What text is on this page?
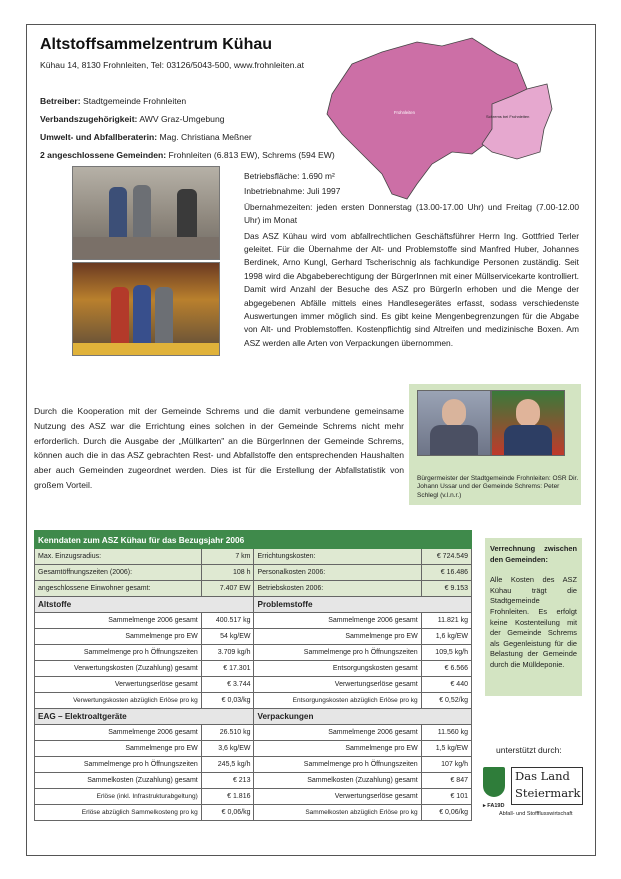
Altstoffsammelzentrum Kühau
Kühau 14, 8130 Frohnleiten, Tel: 03126/5043-500, www.frohnleiten.at
Betreiber: Stadtgemeinde Frohnleiten
Verbandszugehörigkeit: AWV Graz-Umgebung
Umwelt- und Abfallberaterin: Mag. Christiana Meßner
2 angeschlossene Gemeinden: Frohnleiten (6.813 EW), Schrems (594 EW)
Frohnleiten
Schrems bei Frohnleiten

Betriebsfläche: 1.690 m²

Inbetriebnahme: Juli 1997

Übernahmezeiten: jeden ersten Donnerstag (13.00-17.00 Uhr) und Freitag (7.00-12.00 Uhr) im Monat

Das ASZ Kühau wird vom abfallrechtlichen Geschäftsführer Herrn Ing. Gottfried Terler geleitet. Für die Übernahme der Alt- und Problemstoffe sind Manfred Huber, Johannes Berdinek, Arno Kungl, Gerhard Tscherischnig als fachkundige Personen zuständig. Seit 1998 wird die Abgabeberechtigung der BürgerInnen mit einer Müllservicekarte kontrolliert. Damit wird Anzahl der Besuche des ASZ pro BürgerIn erhoben und die Menge der abgegebenen Abfälle mittels eines Handlesegerätes erfasst, sodass verschiedenste Auswertungen immer möglich sind. Es gibt keine Mengenbegrenzungen für die Abgabe von Alt- und Problemstoffen. Kostenpflichtig sind Altreifen und medizinische Boxen. Am ASZ werden alle Arten von Verpackungen übernommen.

Durch die Kooperation mit der Gemeinde Schrems und die damit verbundene gemeinsame Nutzung des ASZ war die Errichtung eines solchen in der Gemeinde Schrems nicht mehr erforderlich. Durch die Ausgabe der „Müllkarten" an die BürgerInnen der Gemeinde Schrems, können auch die in das ASZ gebrachten Rest- und Abfallstoffe den entsprechenden Haushalten aber auch Gemeinden zugeordnet werden. Dies ist für die Erstellung der Abfallstatistik von großem Vorteil.
Bürgermeister der Stadtgemeinde Frohnleiten: OSR Dir. Johann Ussar und der Gemeinde Schrems: Peter Schlegl (v.l.n.r.)
Kenndaten zum ASZ Kühau für das Bezugsjahr 2006			
Max. Einzugsradius:	7 km	Errichtungskosten:	€ 724.549
Gesamtöffnungszeiten (2006):	108 h	Personalkosten 2006:	€ 16.486
angeschlossene Einwohner gesamt:	7.407 EW	Betriebskosten 2006:	€ 9.153
Altstoffe		Problemstoffe	
Sammelmenge 2006 gesamt	400.517 kg	Sammelmenge 2006 gesamt	11.821 kg
Sammelmenge pro EW	54 kg/EW	Sammelmenge pro EW	1,6 kg/EW
Sammelmenge pro h Öffnungszeiten	3.709 kg/h	Sammelmenge pro h Öffnungszeiten	109,5 kg/h
Verwertungskosten (Zuzahlung) gesamt	€ 17.301	Entsorgungskosten gesamt	€ 6.566
Verwertungserlöse gesamt	€ 3.744	Verwertungserlöse gesamt	€ 440
Verwertungskosten abzüglich Erlöse pro kg	€ 0,03/kg	Entsorgungskosten abzüglich Erlöse pro kg	€ 0,52/kg
EAG – Elektroaltgeräte		Verpackungen	
Sammelmenge 2006 gesamt	26.510 kg	Sammelmenge 2006 gesamt	11.560 kg
Sammelmenge pro EW	3,6 kg/EW	Sammelmenge pro EW	1,5 kg/EW
Sammelmenge pro h Öffnungszeiten	245,5 kg/h	Sammelmenge pro h Öffnungszeiten	107 kg/h
Sammelkosten (Zuzahlung) gesamt	€ 213	Sammelkosten (Zuzahlung) gesamt	€ 847
Erlöse (inkl. Infrastrukturabgeltung)	€ 1.816	Verwertungserlöse gesamt	€ 101
Erlöse abzüglich Sammelkosteng pro kg	€ 0,06/kg	Sammelkosten abzüglich Erlöse pro kg	€ 0,06/kg
Verrechnung zwischen den Gemeinden:
Alle Kosten des ASZ Kühau trägt die Stadtgemeinde Frohnleiten. Es erfolgt keine Kostenteilung mit der Gemeinde Schrems als Gegenleistung für die Belastung der Gemeinde durch die Mülldeponie.
unterstützt durch:
Das Land
Steiermark
▸ FA19D
Abfall- und Stoffflusswirtschaft
